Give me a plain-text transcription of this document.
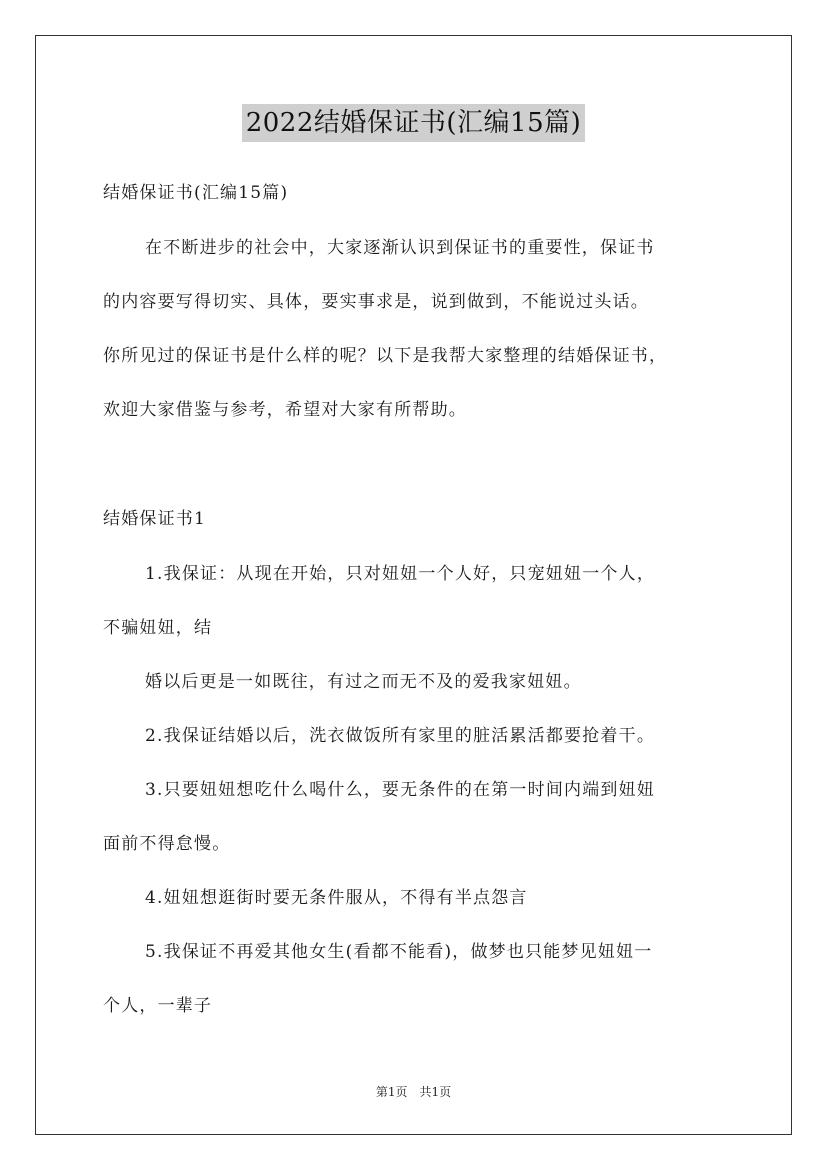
2022结婚保证书(汇编15篇)
结婚保证书(汇编15篇)
在不断进步的社会中，大家逐渐认识到保证书的重要性，保证书
的内容要写得切实、具体，要实事求是，说到做到，不能说过头话。
你所见过的保证书是什么样的呢？以下是我帮大家整理的结婚保证书，
欢迎大家借鉴与参考，希望对大家有所帮助。
结婚保证书1
1.我保证：从现在开始，只对妞妞一个人好，只宠妞妞一个人，
不骗妞妞，结
婚以后更是一如既往，有过之而无不及的爱我家妞妞。
2.我保证结婚以后，洗衣做饭所有家里的脏活累活都要抢着干。
3.只要妞妞想吃什么喝什么，要无条件的在第一时间内端到妞妞
面前不得怠慢。
4.妞妞想逛街时要无条件服从，不得有半点怨言
5.我保证不再爱其他女生(看都不能看)，做梦也只能梦见妞妞一
个人，一辈子
第1页　共1页
